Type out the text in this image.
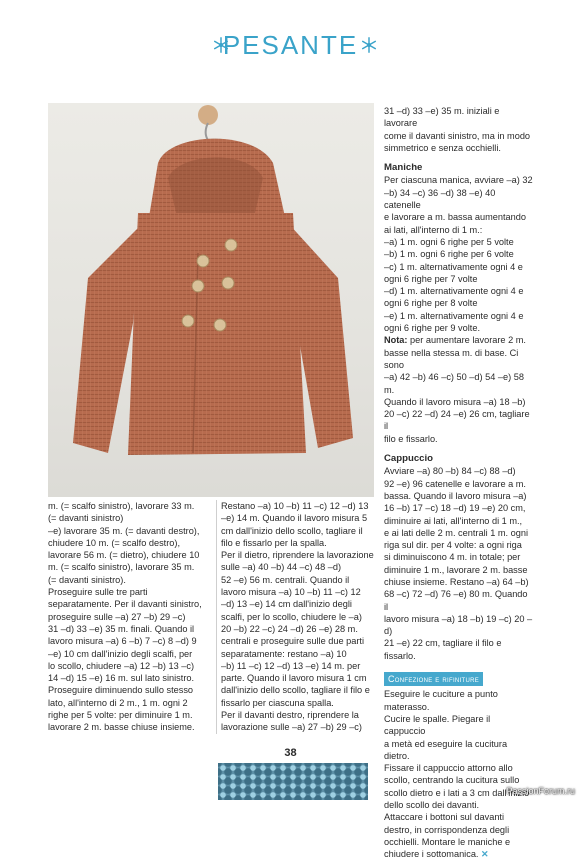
PESANTE

m. (= scalfo sinistro), lavorare 33 m.

(= davanti sinistro)

–e) lavorare 35 m. (= davanti destro),

chiudere 10 m. (= scalfo destro),

lavorare 56 m. (= dietro), chiudere 10

m. (= scalfo sinistro), lavorare 35 m.

(= davanti sinistro).

Proseguire sulle tre parti

separatamente. Per il davanti sinistro,

proseguire sulle –a) 27 –b) 29 –c)

31 –d) 33 –e) 35 m. finali. Quando il

lavoro misura –a) 6 –b) 7 –c) 8 –d) 9

–e) 10 cm dall'inizio degli scalfi, per

lo scollo, chiudere –a) 12 –b) 13 –c)

14 –d) 15 –e) 16 m. sul lato sinistro.

Proseguire diminuendo sullo stesso

lato, all'interno di 2 m., 1 m. ogni 2

righe per 5 volte: per diminuire 1 m.

lavorare 2 m. basse chiuse insieme.

Restano –a) 10 –b) 11 –c) 12 –d) 13

–e) 14 m. Quando il lavoro misura 5

cm dall'inizio dello scollo, tagliare il

filo e fissarlo per la spalla.

Per il dietro, riprendere la lavorazione

sulle –a) 40 –b) 44 –c) 48 –d)

52 –e) 56 m. centrali. Quando il

lavoro misura –a) 10 –b) 11 –c) 12

–d) 13 –e) 14 cm dall'inizio degli

scalfi, per lo scollo, chiudere le –a)

20 –b) 22 –c) 24 –d) 26 –e) 28 m.

centrali e proseguire sulle due parti

separatamente: restano –a) 10

–b) 11 –c) 12 –d) 13 –e) 14 m. per

parte. Quando il lavoro misura 1 cm

dall'inizio dello scollo, tagliare il filo e

fissarlo per ciascuna spalla.

Per il davanti destro, riprendere la

lavorazione sulle –a) 27 –b) 29 –c)

31 –d) 33 –e) 35 m. iniziali e lavorare

come il davanti sinistro, ma in modo

simmetrico e senza occhielli.

Maniche

Per ciascuna manica, avviare –a) 32

–b) 34 –c) 36 –d) 38 –e) 40 catenelle

e lavorare a m. bassa aumentando

ai lati, all'interno di 1 m.:

–a) 1 m. ogni 6 righe per 5 volte

–b) 1 m. ogni 6 righe per 6 volte

–c) 1 m. alternativamente ogni 4 e

ogni 6 righe per 7 volte

–d) 1 m. alternativamente ogni 4 e

ogni 6 righe per 8 volte

–e) 1 m. alternativamente ogni 4 e

ogni 6 righe per 9 volte.

Nota: per aumentare lavorare 2 m.

basse nella stessa m. di base. Ci sono

–a) 42 –b) 46 –c) 50 –d) 54 –e) 58 m.

Quando il lavoro misura –a) 18 –b)

20 –c) 22 –d) 24 –e) 26 cm, tagliare il

filo e fissarlo.

Cappuccio

Avviare –a) 80 –b) 84 –c) 88 –d)

92 –e) 96 catenelle e lavorare a m.

bassa. Quando il lavoro misura –a)

16 –b) 17 –c) 18 –d) 19 –e) 20 cm,

diminuire ai lati, all'interno di 1 m.,

e ai lati delle 2 m. centrali 1 m. ogni

riga sul dir. per 4 volte: a ogni riga

si diminuiscono 4 m. in totale; per

diminuire 1 m., lavorare 2 m. basse

chiuse insieme. Restano –a) 64 –b)

68 –c) 72 –d) 76 –e) 80 m. Quando il

lavoro misura –a) 18 –b) 19 –c) 20 –d)

21 –e) 22 cm, tagliare il filo e fissarlo.

Confezione e rifiniture

Eseguire le cuciture a punto

materasso.

Cucire le spalle. Piegare il cappuccio

a metà ed eseguire la cucitura dietro.

Fissare il cappuccio attorno allo

scollo, centrando la cucitura sullo

scollo dietro e i lati a 3 cm dall'inizio

dello scollo dei davanti.

Attaccare i bottoni sul davanti

destro, in corrispondenza degli

occhielli. Montare le maniche e

chiudere i sottomanica. ✕

38
PassionForum.ru
